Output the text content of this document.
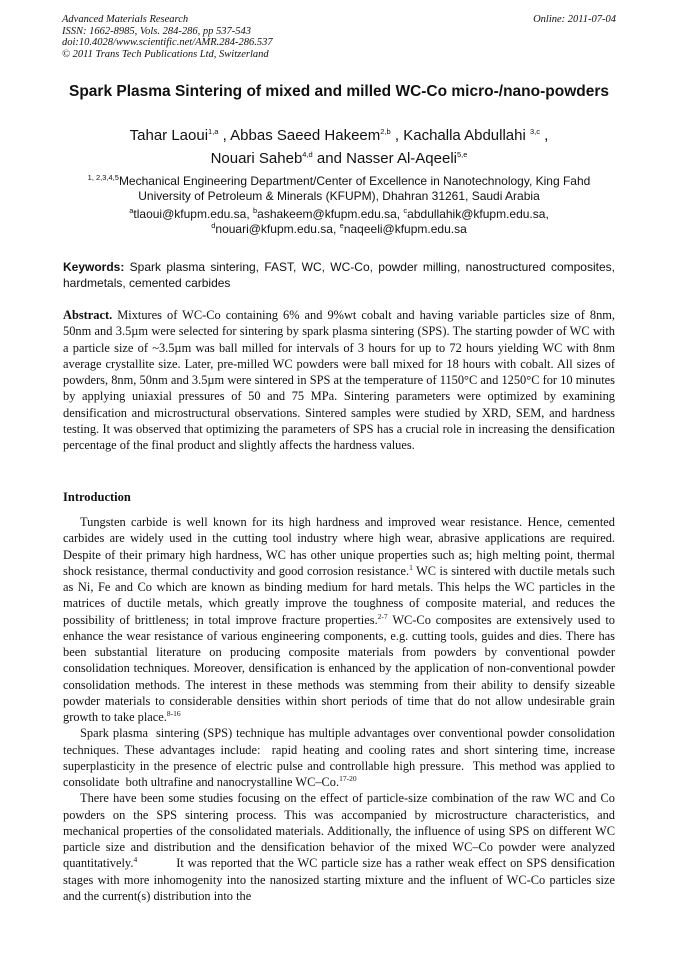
Advanced Materials Research
ISSN: 1662-8985, Vols. 284-286, pp 537-543
doi:10.4028/www.scientific.net/AMR.284-286.537
© 2011 Trans Tech Publications Ltd, Switzerland
Online: 2011-07-04
Spark Plasma Sintering of mixed and milled WC-Co micro-/nano-powders
Tahar Laoui$^{1,a}$ , Abbas Saeed Hakeem$^{2,b}$ , Kachalla Abdullahi $^{3,c}$ ,
Nouari Saheb$^{4,d}$ and Nasser Al-Aqeeli$^{5,e}$
$^{1, 2,3,4,5}$Mechanical Engineering Department/Center of Excellence in Nanotechnology, King Fahd
University of Petroleum & Minerals (KFUPM), Dhahran 31261, Saudi Arabia
$^a$tlaoui@kfupm.edu.sa, $^b$ashakeem@kfupm.edu.sa, $^c$abdullahik@kfupm.edu.sa,
$^d$nouari@kfupm.edu.sa, $^e$naqeeli@kfupm.edu.sa
Keywords: Spark plasma sintering, FAST, WC, WC-Co, powder milling, nanostructured composites, hardmetals, cemented carbides
Abstract. Mixtures of WC-Co containing 6% and 9%wt cobalt and having variable particles size of 8nm, 50nm and 3.5µm were selected for sintering by spark plasma sintering (SPS). The starting powder of WC with a particle size of ~3.5µm was ball milled for intervals of 3 hours for up to 72 hours yielding WC with 8nm average crystallite size. Later, pre-milled WC powders were ball mixed for 18 hours with cobalt. All sizes of powders, 8nm, 50nm and 3.5µm were sintered in SPS at the temperature of 1150°C and 1250°C for 10 minutes by applying uniaxial pressures of 50 and 75 MPa. Sintering parameters were optimized by examining densification and microstructural observations. Sintered samples were studied by XRD, SEM, and hardness testing. It was observed that optimizing the parameters of SPS has a crucial role in increasing the densification percentage of the final product and slightly affects the hardness values.
Introduction

Tungsten carbide is well known for its high hardness and improved wear resistance. Hence, cemented carbides are widely used in the cutting tool industry where high wear, abrasive applications are required. Despite of their primary high hardness, WC has other unique properties such as; high melting point, thermal shock resistance, thermal conductivity and good corrosion resistance.$^1$ WC is sintered with ductile metals such as Ni, Fe and Co which are known as binding medium for hard metals. This helps the WC particles in the matrices of ductile metals, which greatly improve the toughness of composite material, and reduces the possibility of brittleness; in total improve fracture properties.$^{2-7}$ WC-Co composites are extensively used to enhance the wear resistance of various engineering components, e.g. cutting tools, guides and dies. There has been substantial literature on producing composite materials from powders by conventional powder consolidation techniques. Moreover, densification is enhanced by the application of non-conventional powder consolidation methods. The interest in these methods was stemming from their ability to densify sizeable powder materials to considerable densities within short periods of time that do not allow undesirable grain growth to take place.$^{8-16}$

Spark plasma  sintering (SPS) technique has multiple advantages over conventional powder consolidation techniques. These advantages include:  rapid heating and cooling rates and short sintering time, increase superplasticity in the presence of electric pulse and controllable high pressure.  This method was applied to consolidate  both ultrafine and nanocrystalline WC–Co.$^{17-20}$

There have been some studies focusing on the effect of particle-size combination of the raw WC and Co powders on the SPS sintering process. This was accompanied by microstructure characteristics, and mechanical properties of the consolidated materials. Additionally, the influence of using SPS on different WC particle size and distribution and the densification behavior of the mixed WC–Co powder were analyzed quantitatively.$^4$          It was reported that the WC particle size has a rather weak effect on SPS densification stages with more inhomogenity into the nanosized starting mixture and the influent of WC-Co particles size and the current(s) distribution into the
